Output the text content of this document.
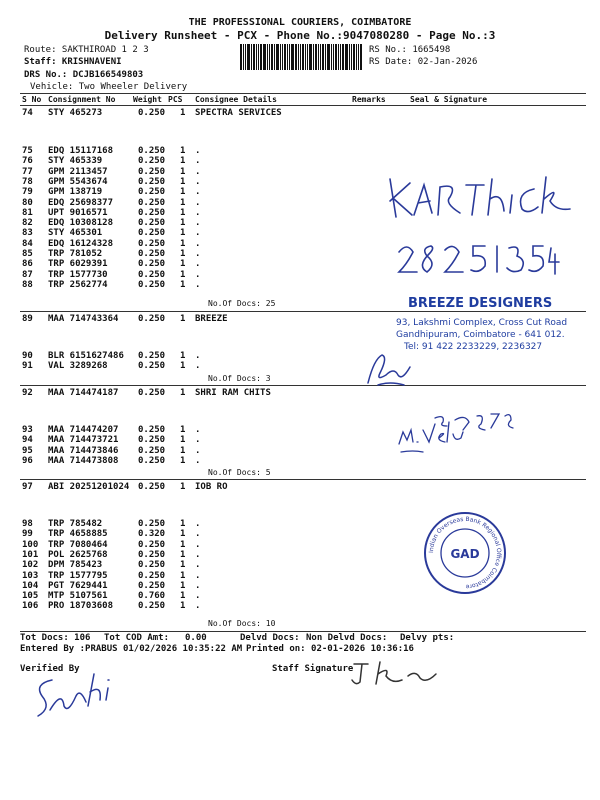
THE PROFESSIONAL COURIERS, COIMBATORE
Delivery Runsheet - PCX - Phone No.:9047080280 - Page No.:3
Route: SAKTHIROAD 1 2 3
Staff: KRISHNAVENI
DRS No.: DCJB166549803
Vehicle: Two Wheeler Delivery
RS No.: 1665498
RS Date: 02-Jan-2026
S No Consignment No Weight PCS Consignee Details	Remarks	Seal & Signature
74 STY 465273	0.250 1 SPECTRA SERVICES
75 EDQ 15117168	0.250 1 .
76 STY 465339	0.250 1 .
77 GPM 2113457	0.250 1 .
78 GPM 5543674	0.250 1 .
79 GPM 138719	0.250 1 .
80 EDQ 25698377	0.250 1 .
81 UPT 9016571	0.250 1 .
82 EDQ 10308128	0.250 1 .
83 STY 465301	0.250 1 .
84 EDQ 16124328	0.250 1 .
85 TRP 781052	0.250 1 .
86 TRP 6029391	0.250 1 .
87 TRP 1577730	0.250 1 .
88 TRP 2562774	0.250 1 .
No.Of Docs: 25
89 MAA 714743364 0.250 1 BREEZE
90 BLR 6151627486 0.250 1 .
91 VAL 3289268	0.250 1 .
No.Of Docs: 3
92 MAA 714474187 0.250 1 SHRI RAM CHITS
93 MAA 714474207 0.250 1 .
94 MAA 714473721 0.250 1 .
95 MAA 714473846 0.250 1 .
96 MAA 714473808 0.250 1 .
No.Of Docs: 5
97 ABI 20251201024 0.250 1 IOB RO
98 TRP 785482	0.250 1 .
99 TRP 4658885	0.320 1 .
100 TRP 7080464	0.250 1 .
101 POL 2625768	0.250 1 .
102 DPM 785423	0.250 1 .
103 TRP 1577795	0.250 1 .
104 PGT 7629441	0.250 1 .
105 MTP 5107561	0.760 1 .
106 PRO 18703608	0.250 1 .
No.Of Docs: 10
Tot Docs: 106 Tot COD Amt: 0.00	Delvd Docs: Non Delvd Docs: Delvy pts:
Entered By :PRABUS 01/02/2026 10:35:22 AM Printed on: 02-01-2026 10:36:16
Verified By	Staff Signature
BREEZE DESIGNERS
93, Lakshmi Complex, Cross Cut Road
Gandhipuram, Coimbatore - 641 012.
Tel: 91 422 2233229, 2236327
Indian Overseas Bank Regional Office Coimbatore
GAD
